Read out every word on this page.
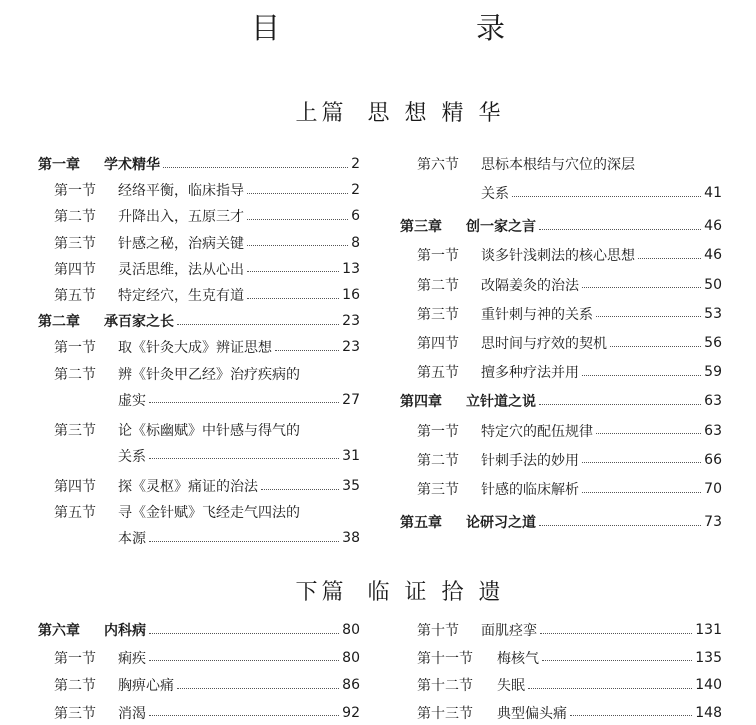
目　　录
上篇 思 想 精 华
下篇 临 证 拾 遗
第一章	学术精华	2
第一节	经络平衡，临床指导	2
第二节	升降出入，五原三才	6
第三节	针感之秘，治病关键	8
第四节	灵活思维，法从心出	13
第五节	特定经穴，生克有道	16
第二章	承百家之长	23
第一节	取《针灸大成》辨证思想	23
第二节	辨《针灸甲乙经》治疗疾病的
虚实	27
第三节	论《标幽赋》中针感与得气的
关系	31
第四节	探《灵枢》痛证的治法	35
第五节	寻《金针赋》飞经走气四法的
本源	38
第六节	思标本根结与穴位的深层
关系	41
第三章	创一家之言	46
第一节	谈多针浅刺法的核心思想	46
第二节	改隔姜灸的治法	50
第三节	重针刺与神的关系	53
第四节	思时间与疗效的契机	56
第五节	擅多种疗法并用	59
第四章	立针道之说	63
第一节	特定穴的配伍规律	63
第二节	针刺手法的妙用	66
第三节	针感的临床解析	70
第五章	论研习之道	73
第六章	内科病	80
第一节	痢疾	80
第二节	胸痹心痛	86
第三节	消渴	92
第十节	面肌痉挛	131
第十一节	梅核气	135
第十二节	失眠	140
第十三节	典型偏头痛	148
